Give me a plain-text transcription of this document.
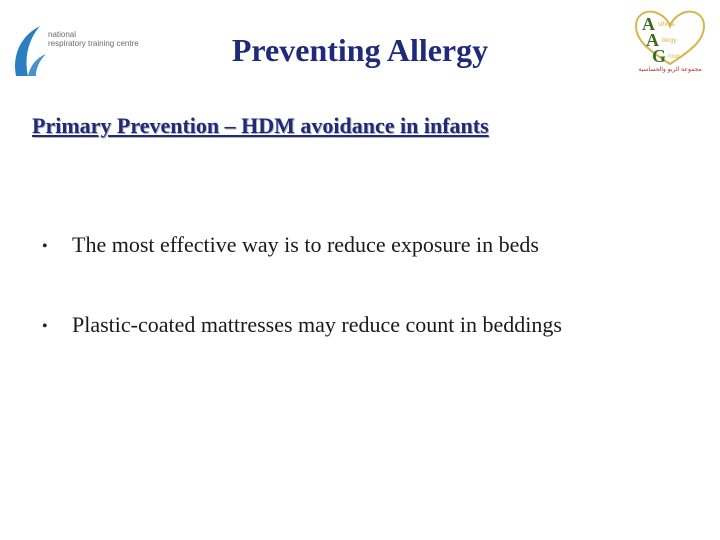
national
respiratory training centre
A sthma
A llergy
G roup
مجموعة الربو والحساسية
Preventing Allergy
Primary Prevention – HDM avoidance in infants
• The most effective way is to reduce exposure in beds
• Plastic-coated mattresses may reduce count in beddings
